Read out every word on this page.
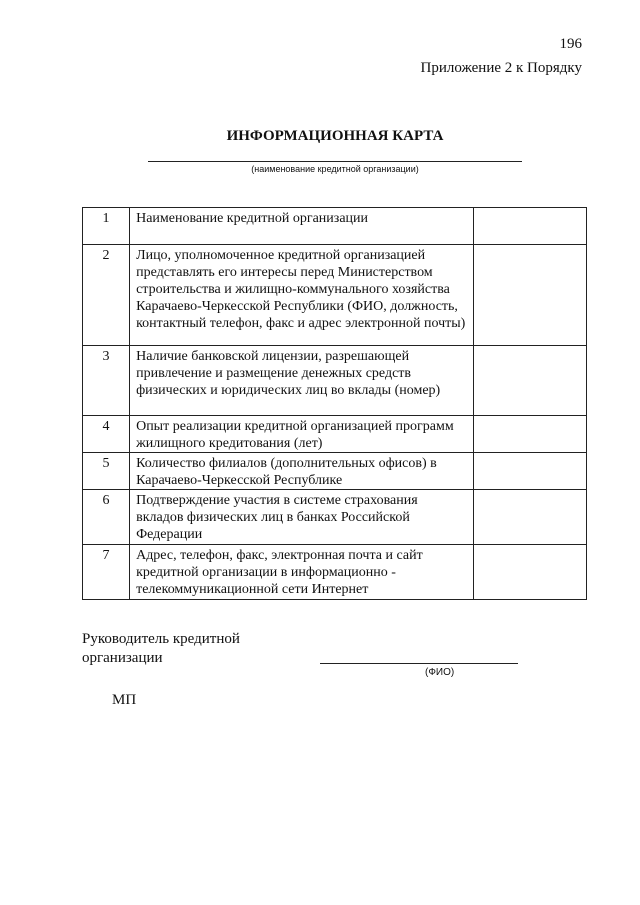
196
Приложение 2 к Порядку
ИНФОРМАЦИОННАЯ КАРТА
(наименование кредитной организации)
1	Наименование кредитной организации	
2	Лицо, уполномоченное кредитной организацией представлять его интересы перед Министерством строительства и жилищно-коммунального хозяйства Карачаево-Черкесской Республики (ФИО, должность, контактный телефон, факс и адрес электронной почты)	
3	Наличие банковской лицензии, разрешающей привлечение и размещение денежных средств физических и юридических лиц во вклады (номер)	
4	Опыт реализации кредитной организацией программ жилищного кредитования (лет)	
5	Количество филиалов (дополнительных офисов) в Карачаево-Черкесской Республике	
6	Подтверждение участия в системе страхования вкладов физических лиц в банках Российской Федерации	
7	Адрес, телефон, факс, электронная почта и сайт кредитной организации в информационно - телекоммуникационной сети Интернет	
Руководитель кредитной организации
(ФИО)
МП
